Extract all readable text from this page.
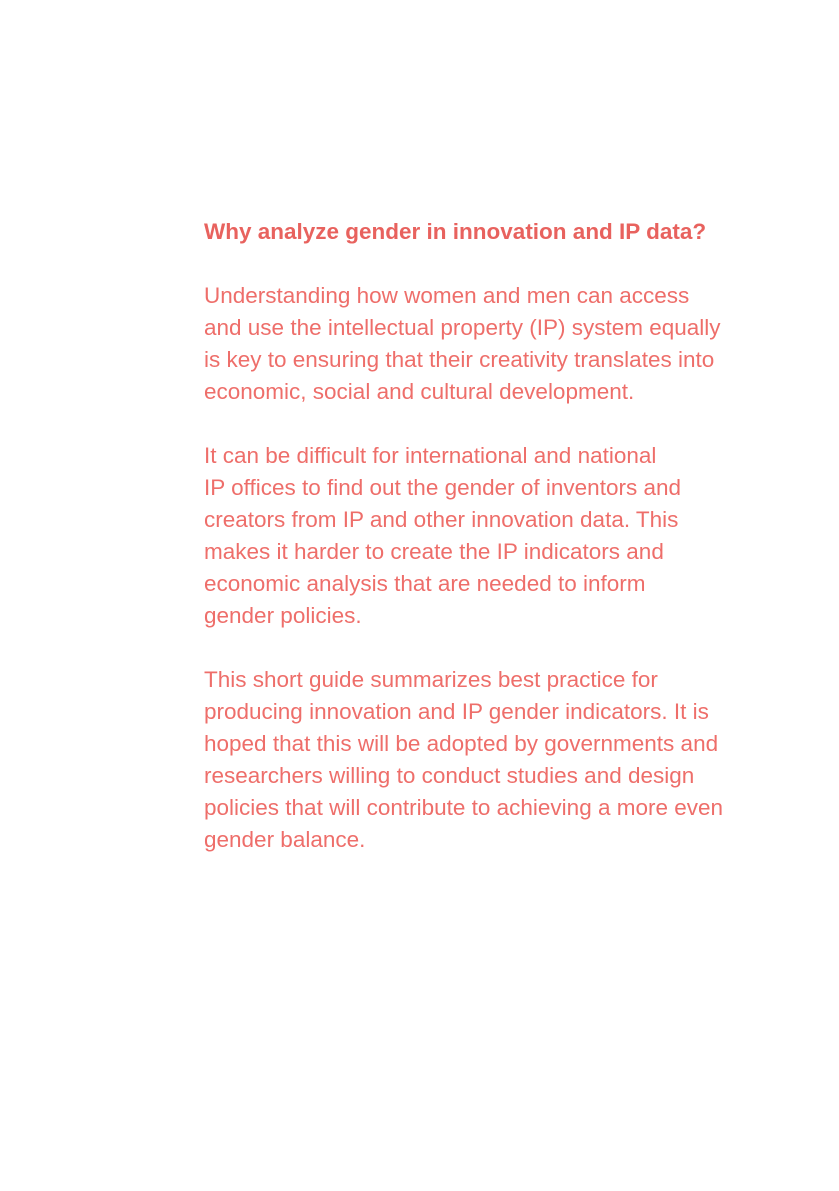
Why analyze gender in innovation and IP data?

Understanding how women and men can access
and use the intellectual property (IP) system equally
is key to ensuring that their creativity translates into
economic, social and cultural development.

It can be difficult for international and national
IP offices to find out the gender of inventors and
creators from IP and other innovation data. This
makes it harder to create the IP indicators and
economic analysis that are needed to inform
gender policies.

This short guide summarizes best practice for
producing innovation and IP gender indicators. It is
hoped that this will be adopted by governments and
researchers willing to conduct studies and design
policies that will contribute to achieving a more even
gender balance.
